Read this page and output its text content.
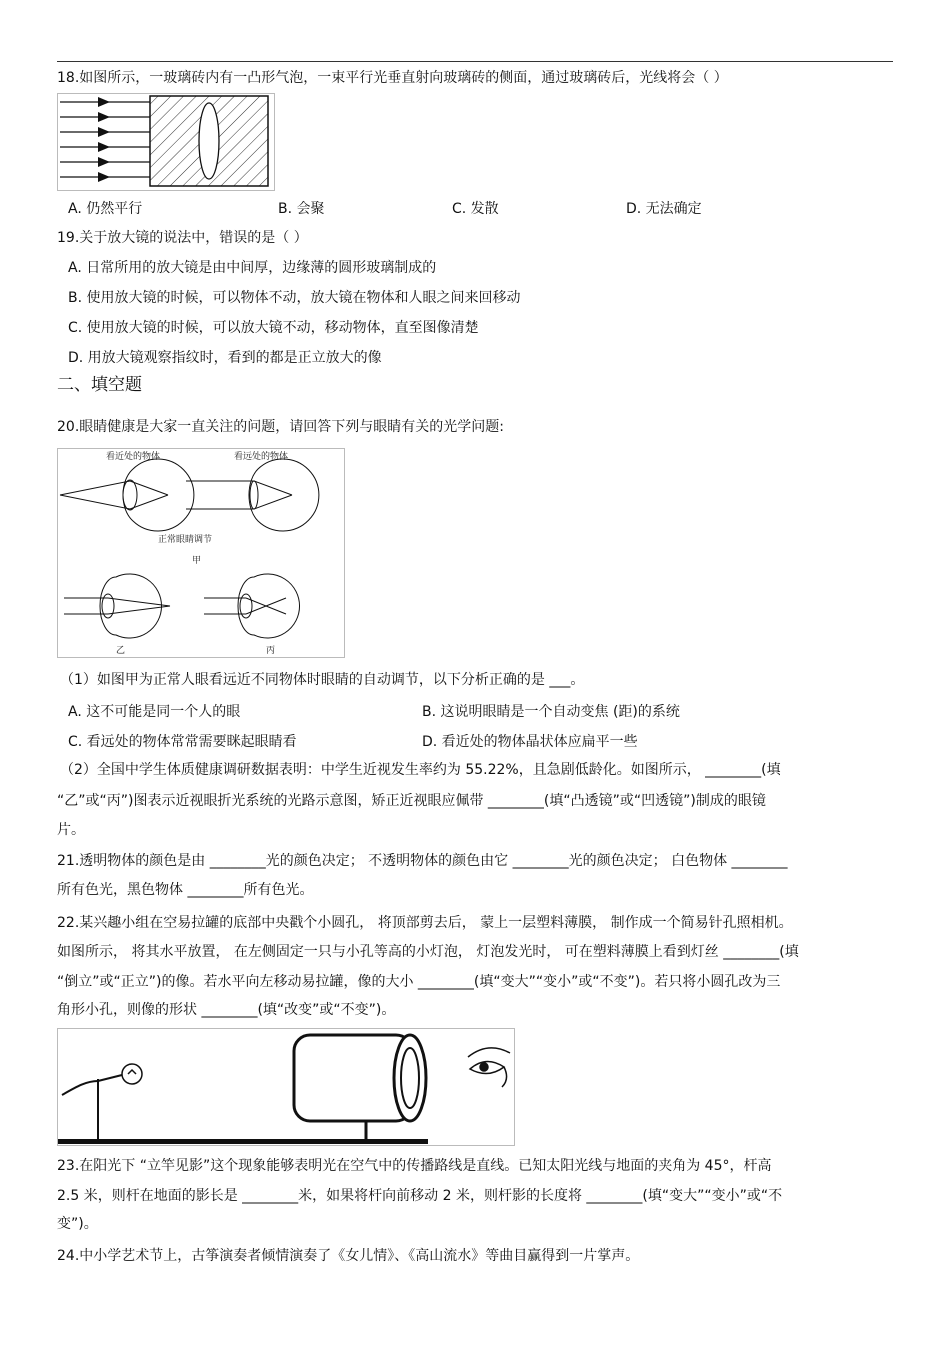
18.如图所示，一玻璃砖内有一凸形气泡，一束平行光垂直射向玻璃砖的侧面，通过玻璃砖后，光线将会（ ）
A. 仍然平行	B. 会聚	C. 发散	D. 无法确定
19.关于放大镜的说法中，错误的是（ ）
A. 日常所用的放大镜是由中间厚，边缘薄的圆形玻璃制成的
B. 使用放大镜的时候，可以物体不动，放大镜在物体和人眼之间来回移动
C. 使用放大镜的时候，可以放大镜不动，移动物体，直至图像清楚
D. 用放大镜观察指纹时，看到的都是正立放大的像
二、填空题
20.眼睛健康是大家一直关注的问题，请回答下列与眼睛有关的光学问题:
看近处的物体	看远处的物体
正常眼睛调节
甲
乙	丙
（1）如图甲为正常人眼看远近不同物体时眼睛的自动调节，以下分析正确的是 ___。
A. 这不可能是同一个人的眼	B. 这说明眼睛是一个自动变焦 (距)的系统
C. 看远处的物体常常需要眯起眼睛看	D. 看近处的物体晶状体应扁平一些
（2）全国中学生体质健康调研数据表明：中学生近视发生率约为 55.22%，且急剧低龄化。如图所示， ________(填
“乙”或“丙”)图表示近视眼折光系统的光路示意图，矫正近视眼应佩带 ________(填“凸透镜”或“凹透镜”)制成的眼镜
片。
21.透明物体的颜色是由 ________光的颜色决定； 不透明物体的颜色由它 ________光的颜色决定； 白色物体 ________
所有色光，黑色物体 ________所有色光。
22.某兴趣小组在空易拉罐的底部中央戳个小圆孔， 将顶部剪去后， 蒙上一层塑料薄膜， 制作成一个简易针孔照相机。
如图所示， 将其水平放置， 在左侧固定一只与小孔等高的小灯泡， 灯泡发光时， 可在塑料薄膜上看到灯丝 ________(填
“倒立”或“正立”)的像。若水平向左移动易拉罐，像的大小 ________(填“变大”“变小”或“不变”)。若只将小圆孔改为三
角形小孔，则像的形状 ________(填“改变”或“不变”)。
23.在阳光下 “立竿见影”这个现象能够表明光在空气中的传播路线是直线。已知太阳光线与地面的夹角为 45°，杆高
2.5 米，则杆在地面的影长是 ________米，如果将杆向前移动 2 米，则杆影的长度将 ________(填“变大”“变小”或“不
变”)。
24.中小学艺术节上，古筝演奏者倾情演奏了《女儿情》、《高山流水》等曲目赢得到一片掌声。
